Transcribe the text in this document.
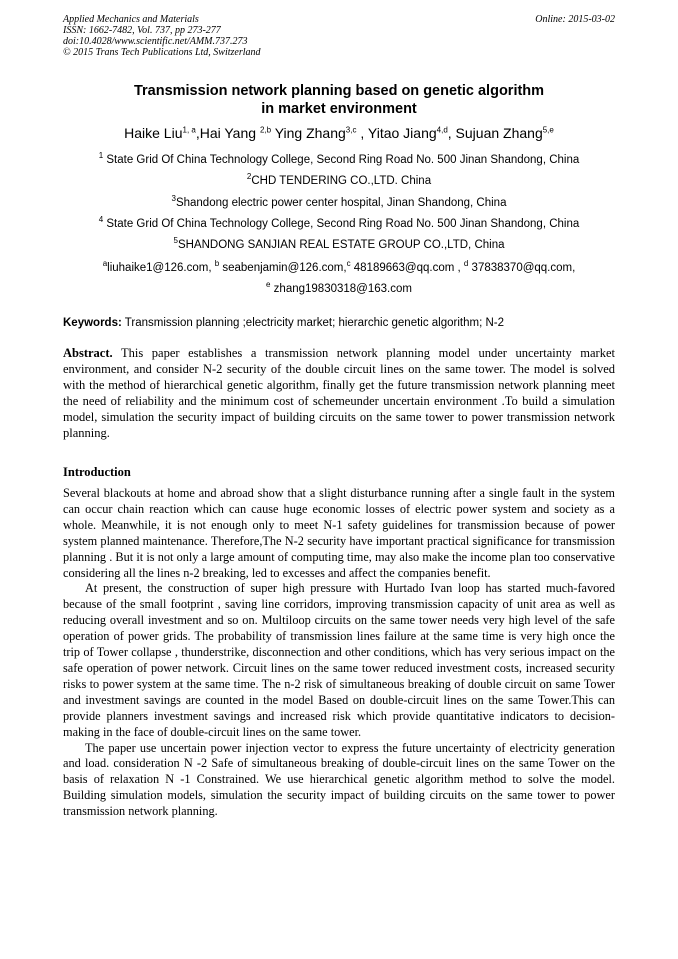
Applied Mechanics and Materials
ISSN: 1662-7482, Vol. 737, pp 273-277
doi:10.4028/www.scientific.net/AMM.737.273
© 2015 Trans Tech Publications Ltd, Switzerland
Online: 2015-03-02
Transmission network planning based on genetic algorithm
in market environment
Haike Liu$^{1, a}$,Hai Yang $^{2,b}$ Ying Zhang$^{3,c}$ , Yitao Jiang$^{4,d}$, Sujuan Zhang$^{5,e}$
$^1$ State Grid Of China Technology College, Second Ring Road No. 500 Jinan Shandong, China
$^2$CHD TENDERING CO.,LTD. China
$^3$Shandong electric power center hospital, Jinan Shandong, China
$^4$ State Grid Of China Technology College, Second Ring Road No. 500 Jinan Shandong, China
$^5$SHANDONG SANJIAN REAL ESTATE GROUP CO.,LTD, China
$^a$liuhaike1@126.com, $^b$ seabenjamin@126.com,$^c$ 48189663@qq.com , $^d$ 37838370@qq.com,
$^e$ zhang19830318@163.com
Keywords: Transmission planning ;electricity market; hierarchic genetic algorithm; N-2
Abstract. This paper establishes a transmission network planning model under uncertainty market environment, and consider N-2 security of the double circuit lines on the same tower. The model is solved with the method of hierarchical genetic algorithm, finally get the future transmission network planning meet the need of reliability and the minimum cost of schemeunder uncertain environment .To build a simulation model, simulation the security impact of building circuits on the same tower to power transmission network planning.
Introduction

Several blackouts at home and abroad show that a slight disturbance running after a single fault in the system can occur chain reaction which can cause huge economic losses of electric power system and society as a whole. Meanwhile, it is not enough only to meet N-1 safety guidelines for transmission because of power system planned maintenance. Therefore,The N-2 security have important practical significance for transmission planning . But it is not only a large amount of computing time, may also make the income plan too conservative considering all the lines n-2 breaking, led to excesses and affect the companies benefit.

At present, the construction of super high pressure with Hurtado Ivan loop has started much-favored because of the small footprint , saving line corridors, improving transmission capacity of unit area as well as reducing overall investment and so on. Multiloop circuits on the same tower needs very high level of the safe operation of power grids. The probability of transmission lines failure at the same time is very high once the trip of Tower collapse , thunderstrike, disconnection and other conditions, which has very serious impact on the safe operation of power network. Circuit lines on the same tower reduced investment costs, increased security risks to power system at the same time. The n-2 risk of simultaneous breaking of double circuit on same Tower and investment savings are counted in the model Based on double-circuit lines on the same Tower.This can provide planners investment savings and increased risk which provide quantitative indicators to decision-making in the face of double-circuit lines on the same tower.

The paper use uncertain power injection vector to express the future uncertainty of electricity generation and load. consideration N -2 Safe of simultaneous breaking of double-circuit lines on the same Tower on the basis of relaxation N -1 Constrained. We use hierarchical genetic algorithm method to solve the model. Building simulation models, simulation the security impact of building circuits on the same tower to power transmission network planning.
